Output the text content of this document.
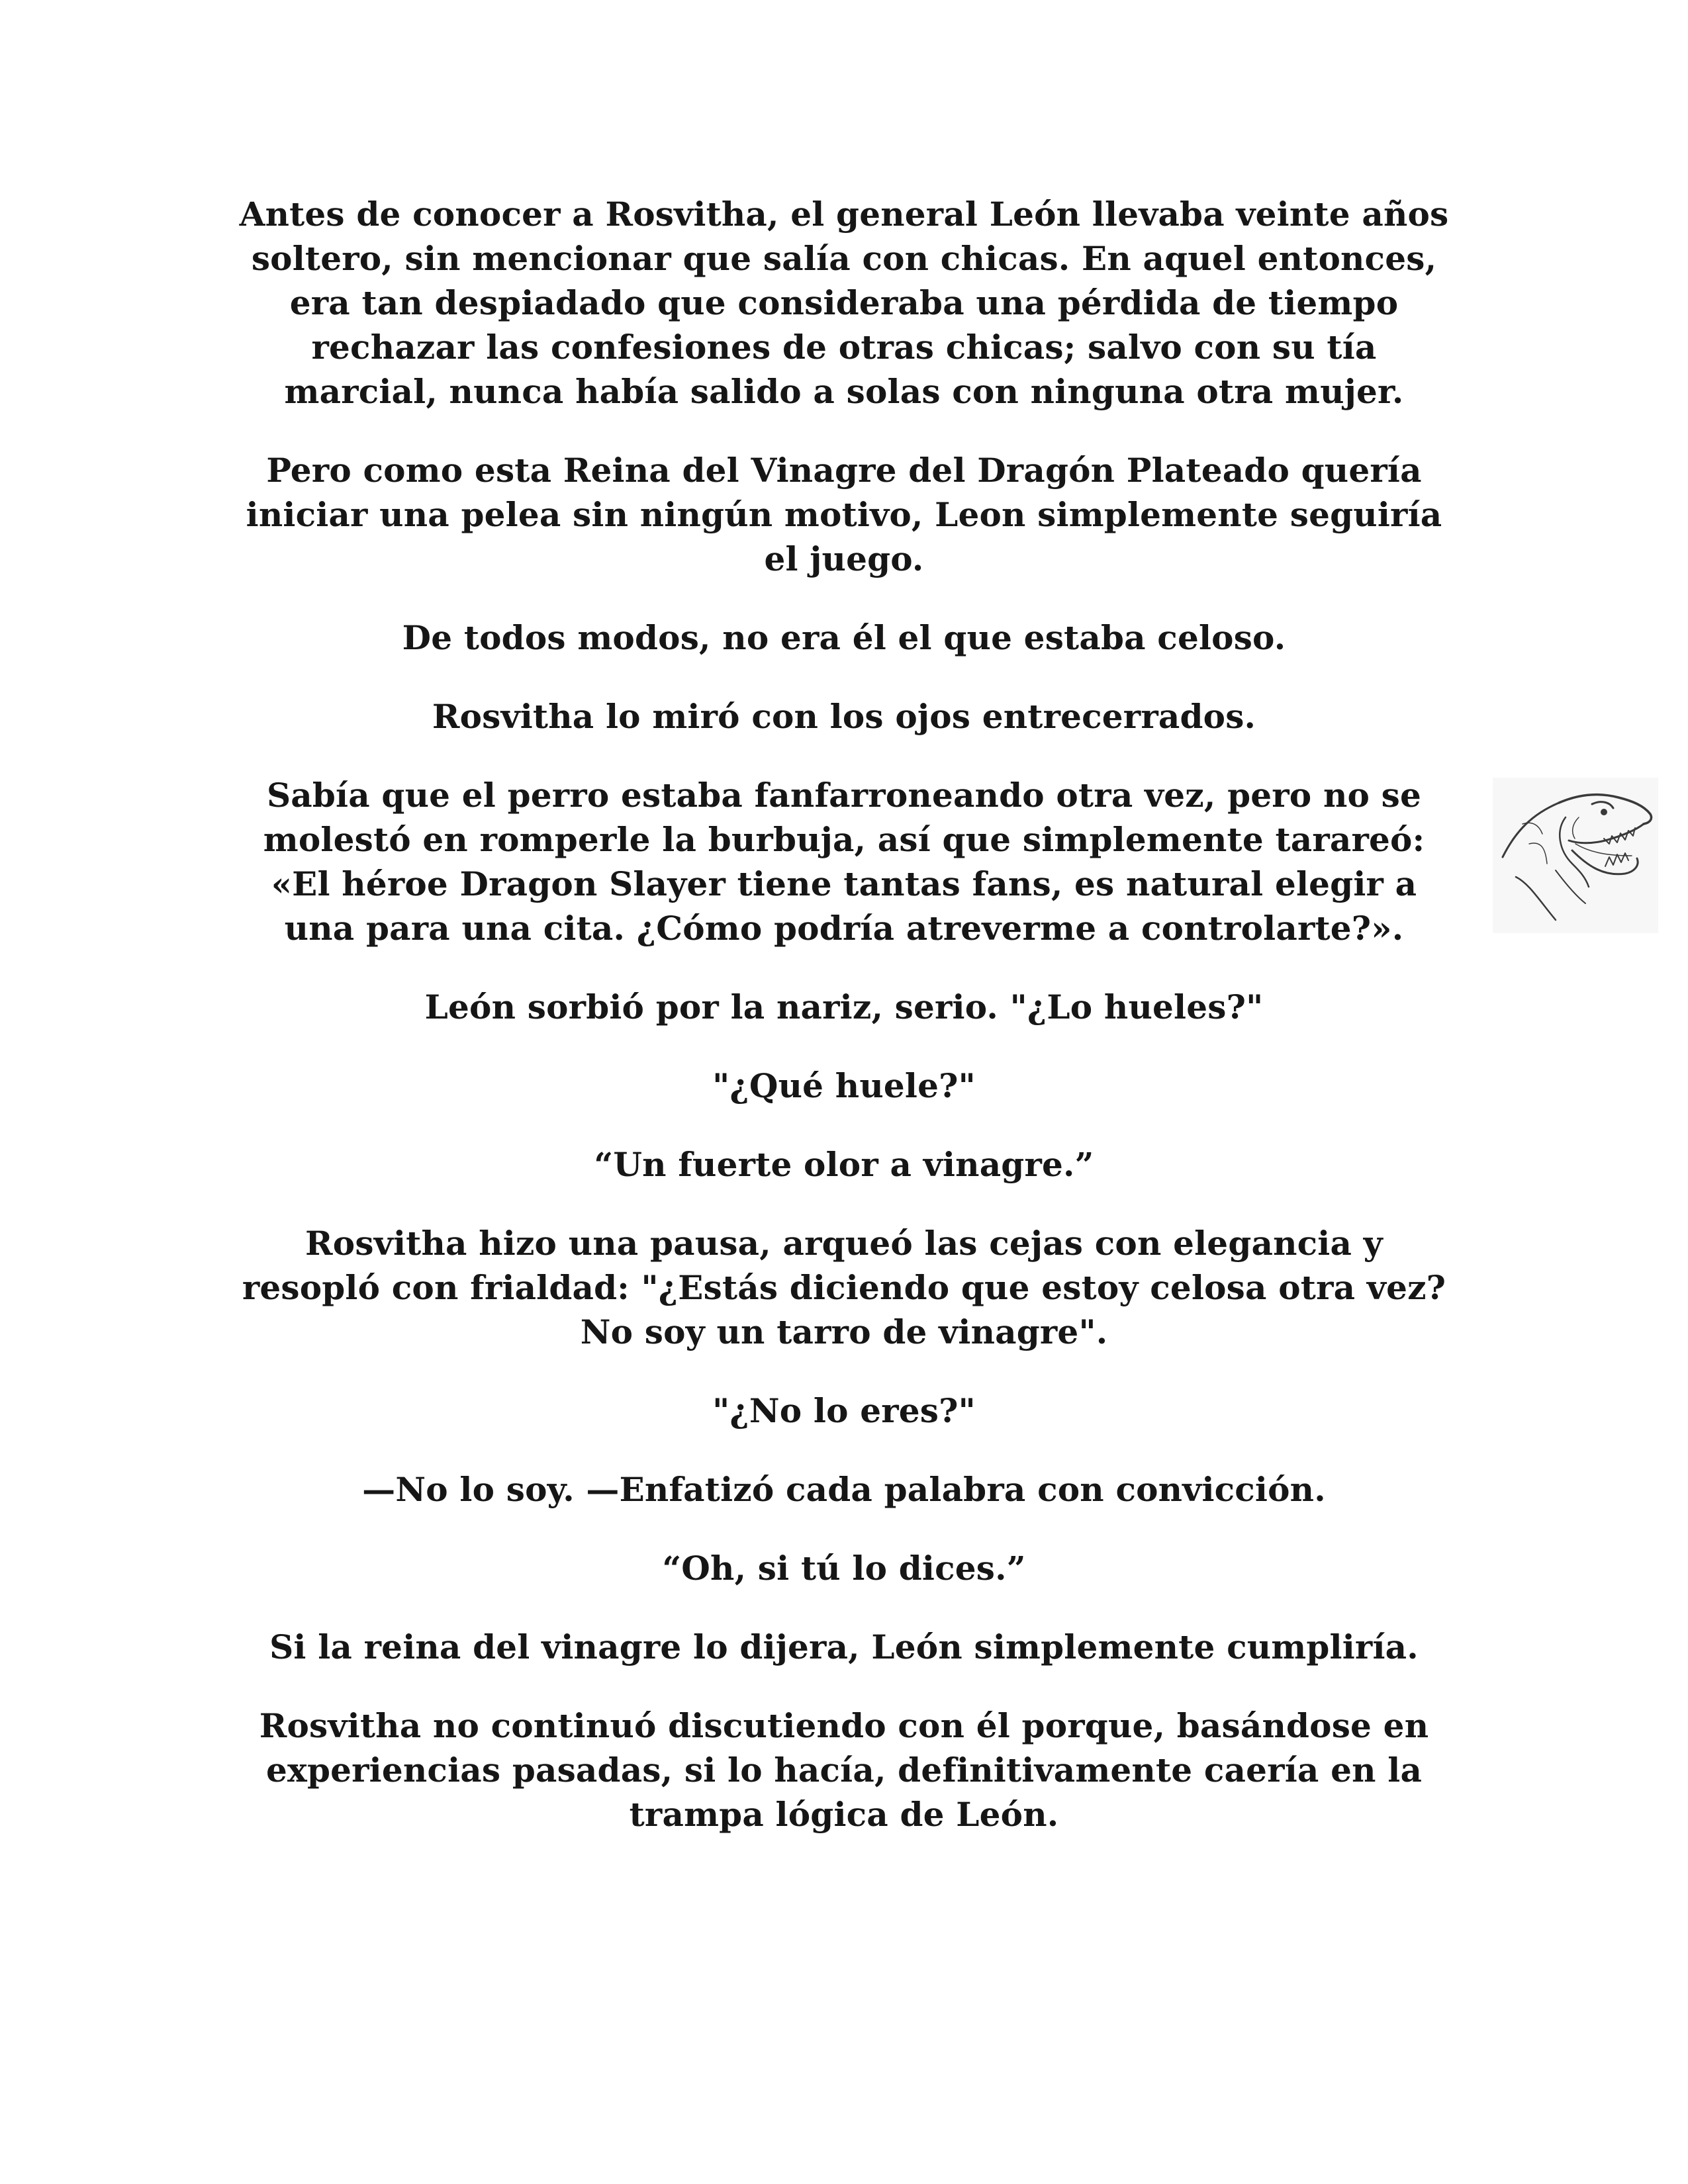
Antes de conocer a Rosvitha, el general León llevaba veinte años soltero, sin mencionar que salía con chicas. En aquel entonces, era tan despiadado que consideraba una pérdida de tiempo rechazar las confesiones de otras chicas; salvo con su tía marcial, nunca había salido a solas con ninguna otra mujer.

Pero como esta Reina del Vinagre del Dragón Plateado quería iniciar una pelea sin ningún motivo, Leon simplemente seguiría el juego.

De todos modos, no era él el que estaba celoso.

Rosvitha lo miró con los ojos entrecerrados.

Sabía que el perro estaba fanfarroneando otra vez, pero no se molestó en romperle la burbuja, así que simplemente tarareó: «El héroe Dragon Slayer tiene tantas fans, es natural elegir a una para una cita. ¿Cómo podría atreverme a controlarte?».

León sorbió por la nariz, serio. "¿Lo hueles?"

"¿Qué huele?"

“Un fuerte olor a vinagre.”

Rosvitha hizo una pausa, arqueó las cejas con elegancia y resopló con frialdad: "¿Estás diciendo que estoy celosa otra vez? No soy un tarro de vinagre".

"¿No lo eres?"

—No lo soy. —Enfatizó cada palabra con convicción.

“Oh, si tú lo dices.”

Si la reina del vinagre lo dijera, León simplemente cumpliría.

Rosvitha no continuó discutiendo con él porque, basándose en experiencias pasadas, si lo hacía, definitivamente caería en la trampa lógica de León.
